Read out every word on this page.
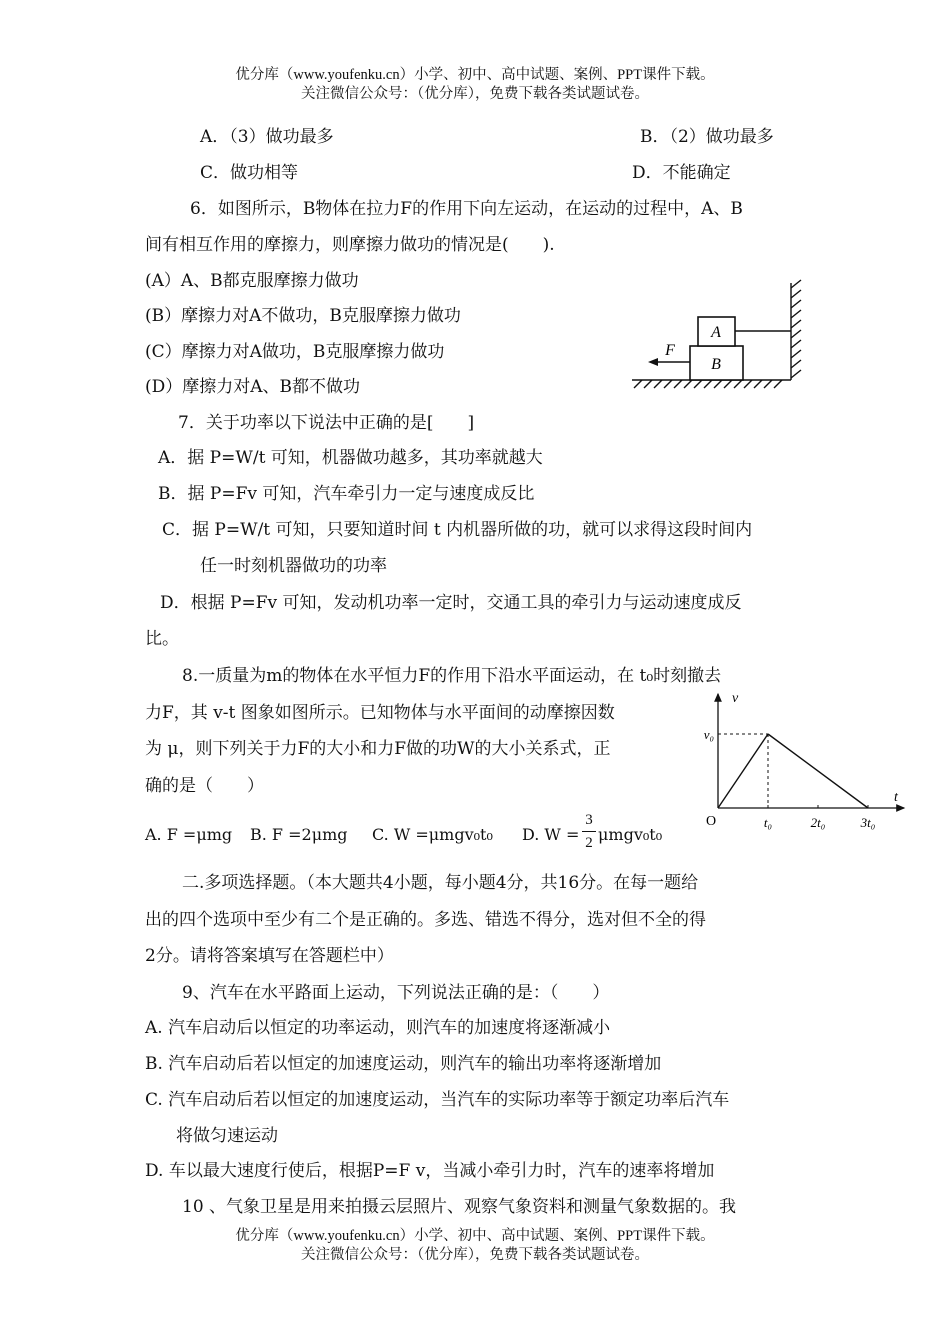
优分库（www.youfenku.cn）小学、初中、高中试题、案例、PPT课件下载。
关注微信公众号：（优分库），免费下载各类试题试卷。
A．（3）做功最多	B．（2）做功最多
C．做功相等	D．不能确定
6．如图所示，B物体在拉力F的作用下向左运动，在运动的过程中，A、B
间有相互作用的摩擦力，则摩擦力做功的情况是(　　).
(A）A、B都克服摩擦力做功
(B）摩擦力对A不做功，B克服摩擦力做功
(C）摩擦力对A做功，B克服摩擦力做功
(D）摩擦力对A、B都不做功
B
A
F
7．关于功率以下说法中正确的是[　　]
A．据 P=W/t 可知，机器做功越多，其功率就越大
B．据 P=Fv 可知，汽车牵引力一定与速度成反比
C．据 P=W/t 可知，只要知道时间 t 内机器所做的功，就可以求得这段时间内
任一时刻机器做功的功率
D．根据 P=Fv 可知，发动机功率一定时，交通工具的牵引力与运动速度成反
比。
8.一质量为m的物体在水平恒力F的作用下沿水平面运动，在 t₀时刻撤去
力F，其 v-t 图象如图所示。已知物体与水平面间的动摩擦因数
为 μ，则下列关于力F的大小和力F做的功W的大小关系式，正
确的是（　　）
A. F =μmg B. F =2μmg C. W =μmgv₀t₀ D. W =
3
2 μmgv₀t₀
v
t
O	t₀	2t₀	3t₀
v₀
二.多项选择题。（本大题共4小题，每小题4分，共16分。在每一题给
出的四个选项中至少有二个是正确的。多选、错选不得分，选对但不全的得
2分。请将答案填写在答题栏中）
9、汽车在水平路面上运动，下列说法正确的是：（　　）
A. 汽车启动后以恒定的功率运动，则汽车的加速度将逐渐减小
B. 汽车启动后若以恒定的加速度运动，则汽车的输出功率将逐渐增加
C. 汽车启动后若以恒定的加速度运动，当汽车的实际功率等于额定功率后汽车
将做匀速运动
D. 车以最大速度行使后，根据P=F v，当减小牵引力时，汽车的速率将增加
10 、气象卫星是用来拍摄云层照片、观察气象资料和测量气象数据的。我
优分库（www.youfenku.cn）小学、初中、高中试题、案例、PPT课件下载。
关注微信公众号：（优分库），免费下载各类试题试卷。
